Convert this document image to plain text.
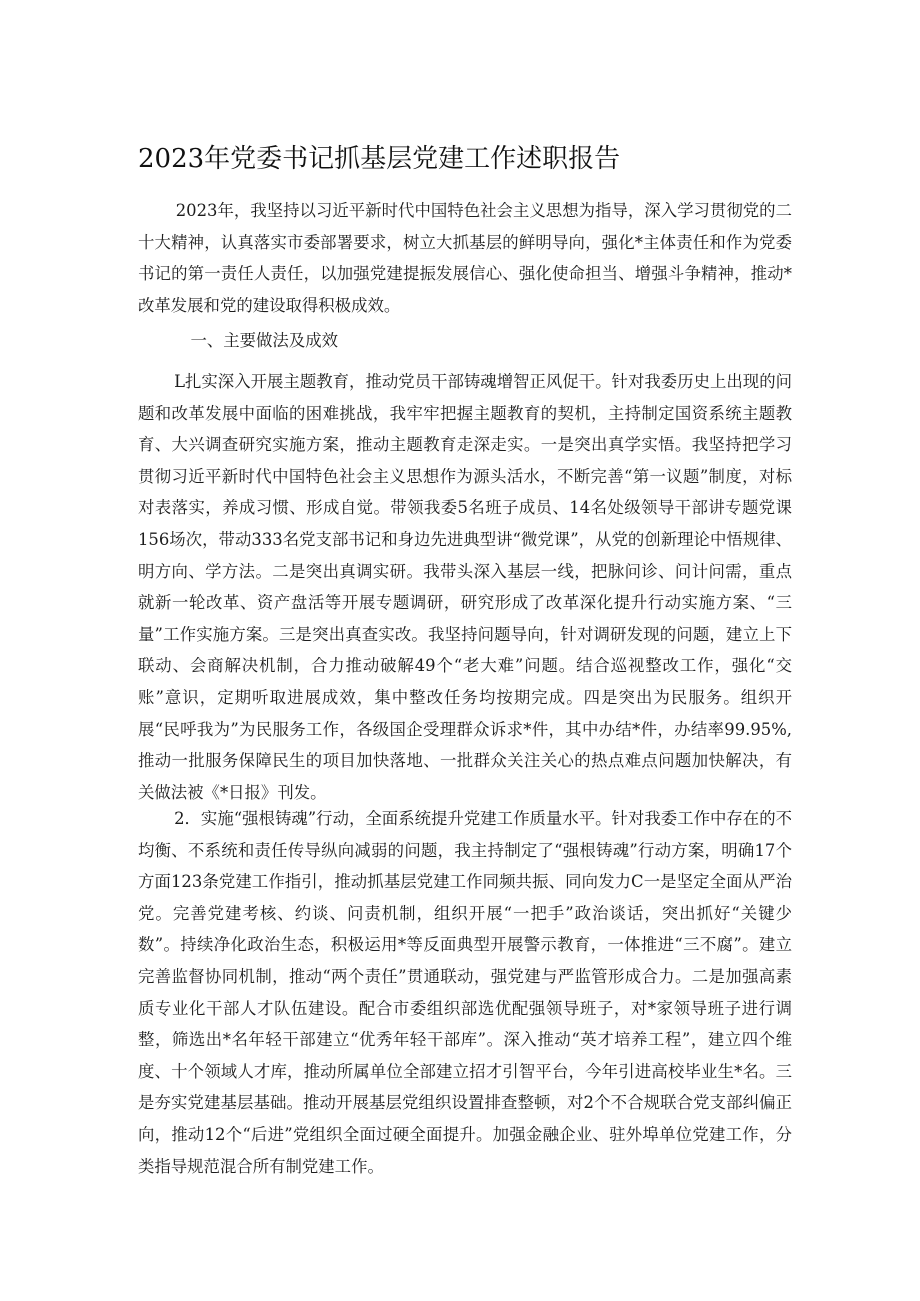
2023年党委书记抓基层党建工作述职报告

2023年，我坚持以习近平新时代中国特色社会主义思想为指导，深入学习贯彻党的二十大精神，认真落实市委部署要求，树立大抓基层的鲜明导向，强化*主体责任和作为党委书记的第一责任人责任，以加强党建提振发展信心、强化使命担当、增强斗争精神，推动*改革发展和党的建设取得积极成效。

一、主要做法及成效

L扎实深入开展主题教育，推动党员干部铸魂增智正风促干。针对我委历史上出现的问题和改革发展中面临的困难挑战，我牢牢把握主题教育的契机，主持制定国资系统主题教育、大兴调查研究实施方案，推动主题教育走深走实。一是突出真学实悟。我坚持把学习贯彻习近平新时代中国特色社会主义思想作为源头活水，不断完善“第一议题”制度，对标对表落实，养成习惯、形成自觉。带领我委5名班子成员、14名处级领导干部讲专题党课156场次，带动333名党支部书记和身边先进典型讲“微党课”，从党的创新理论中悟规律、明方向、学方法。二是突出真调实研。我带头深入基层一线，把脉问诊、问计问需，重点就新一轮改革、资产盘活等开展专题调研，研究形成了改革深化提升行动实施方案、“三量”工作实施方案。三是突出真查实改。我坚持问题导向，针对调研发现的问题，建立上下联动、会商解决机制，合力推动破解49个“老大难”问题。结合巡视整改工作，强化“交账”意识，定期听取进展成效，集中整改任务均按期完成。四是突出为民服务。组织开展“民呼我为”为民服务工作，各级国企受理群众诉求*件，其中办结*件，办结率99.95%,推动一批服务保障民生的项目加快落地、一批群众关注关心的热点难点问题加快解决，有关做法被《*日报》刊发。

2．实施“强根铸魂”行动，全面系统提升党建工作质量水平。针对我委工作中存在的不均衡、不系统和责任传导纵向减弱的问题，我主持制定了“强根铸魂”行动方案，明确17个方面123条党建工作指引，推动抓基层党建工作同频共振、同向发力C一是坚定全面从严治党。完善党建考核、约谈、问责机制，组织开展“一把手”政治谈话，突出抓好“关键少数”。持续净化政治生态，积极运用*等反面典型开展警示教育，一体推进“三不腐”。建立完善监督协同机制，推动“两个责任”贯通联动，强党建与严监管形成合力。二是加强高素质专业化干部人才队伍建设。配合市委组织部选优配强领导班子，对*家领导班子进行调整，筛选出*名年轻干部建立“优秀年轻干部库”。深入推动“英才培养工程”，建立四个维度、十个领域人才库，推动所属单位全部建立招才引智平台，今年引进高校毕业生*名。三是夯实党建基层基础。推动开展基层党组织设置排查整顿，对2个不合规联合党支部纠偏正向，推动12个“后进”党组织全面过硬全面提升。加强金融企业、驻外埠单位党建工作，分类指导规范混合所有制党建工作。
